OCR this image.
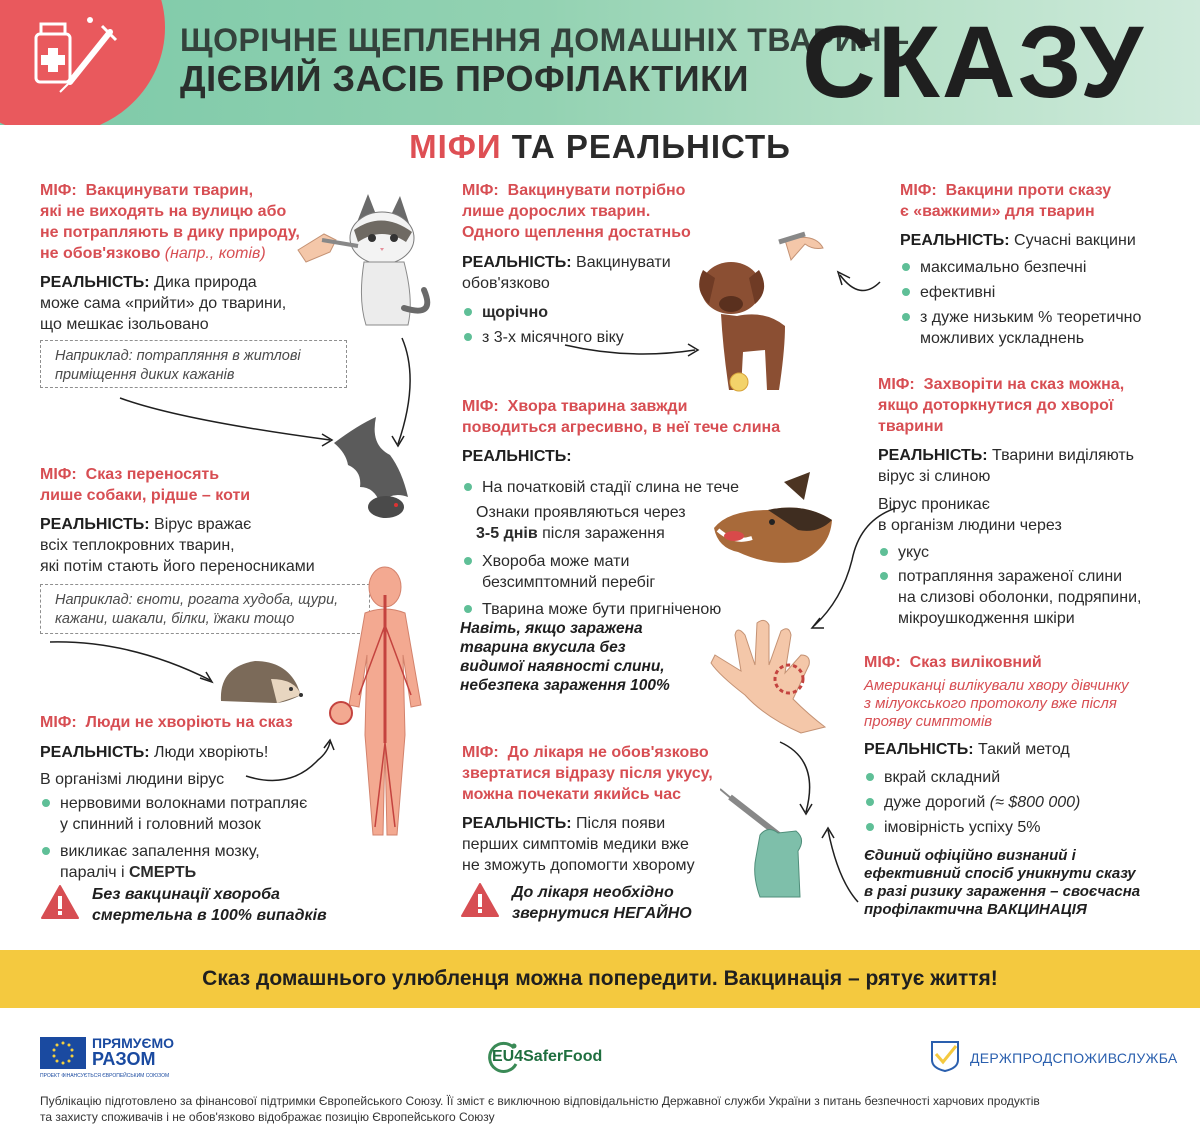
ЩОРІЧНЕ ЩЕПЛЕННЯ ДОМАШНІХ ТВАРИН –
ДІЄВИЙ ЗАСІБ ПРОФІЛАКТИКИ СКАЗУ
МІФИ ТА РЕАЛЬНІСТЬ
МІФ: Вакцинувати тварин,
які не виходять на вулицю або
не потрапляють в дику природу,
не обов'язково (напр., котів)
РЕАЛЬНІСТЬ: Дика природа
може сама «прийти» до тварини,
що мешкає ізольовано
Наприклад: потрапляння в житлові
приміщення диких кажанів
МІФ: Сказ переносять
лише собаки, рідше – коти
РЕАЛЬНІСТЬ: Вірус вражає
всіх теплокровних тварин,
які потім стають його переносниками
Наприклад: єноти, рогата худоба, щури,
кажани, шакали, білки, їжаки тощо
МІФ: Люди не хворіють на сказ
РЕАЛЬНІСТЬ: Люди хворіють!
В організмі людини вірус
нервовими волокнами потрапляє
у спинний і головний мозок
викликає запалення мозку,
параліч і СМЕРТЬ
Без вакцинації хвороба
смертельна в 100% випадків
МІФ: Вакцинувати потрібно
лише дорослих тварин.
Одного щеплення достатньо
РЕАЛЬНІСТЬ: Вакцинувати
обов'язково
щорічно
з 3-х місячного віку
МІФ: Хвора тварина завжди
поводиться агресивно, в неї тече слина
РЕАЛЬНІСТЬ:
На початковій стадії слина не тече
Ознаки проявляються через
3-5 днів після зараження
Хвороба може мати
безсимптомний перебіг
Тварина може бути пригніченою
Навіть, якщо заражена
тварина вкусила без
видимої наявності слини,
небезпека зараження 100%
МІФ: До лікаря не обов'язково
звертатися відразу після укусу,
можна почекати якийсь час
РЕАЛЬНІСТЬ: Після появи
перших симптомів медики вже
не зможуть допомогти хворому
До лікаря необхідно
звернутися НЕГАЙНО
МІФ: Вакцини проти сказу
є «важкими» для тварин
РЕАЛЬНІСТЬ: Сучасні вакцини
максимально безпечні
ефективні
з дуже низьким % теоретично
можливих ускладнень
МІФ: Захворіти на сказ можна,
якщо доторкнутися до хворої
тварини
РЕАЛЬНІСТЬ: Тварини виділяють
вірус зі слиною
Вірус проникає
в організм людини через
укус
потрапляння зараженої слини
на слизові оболонки, подряпини,
мікроушкодження шкіри
МІФ: Сказ виліковний
Американці вилікували хвору дівчинку
з мілуокського протоколу вже після
прояву симптомів
РЕАЛЬНІСТЬ: Такий метод
вкрай складний
дуже дорогий (≈ $800 000)
імовірність успіху 5%
Єдиний офіційно визнаний і
ефективний спосіб уникнути сказу
в разі ризику зараження – своєчасна
профілактична ВАКЦИНАЦІЯ
Сказ домашнього улюбленця можна попередити. Вакцинація – рятує життя!
ПРЯМУЄМО
РАЗОМ
ПРОЕКТ ФІНАНСУЄТЬСЯ ЄВРОПЕЙСЬКИМ СОЮЗОМ
EU4SaferFood	ДЕРЖПРОДСПОЖИВСЛУЖБА
Публікацію підготовлено за фінансової підтримки Європейського Союзу. Її зміст є виключною відповідальністю Державної служби України з питань безпечності харчових продуктів
та захисту споживачів і не обов'язково відображає позицію Європейського Союзу
